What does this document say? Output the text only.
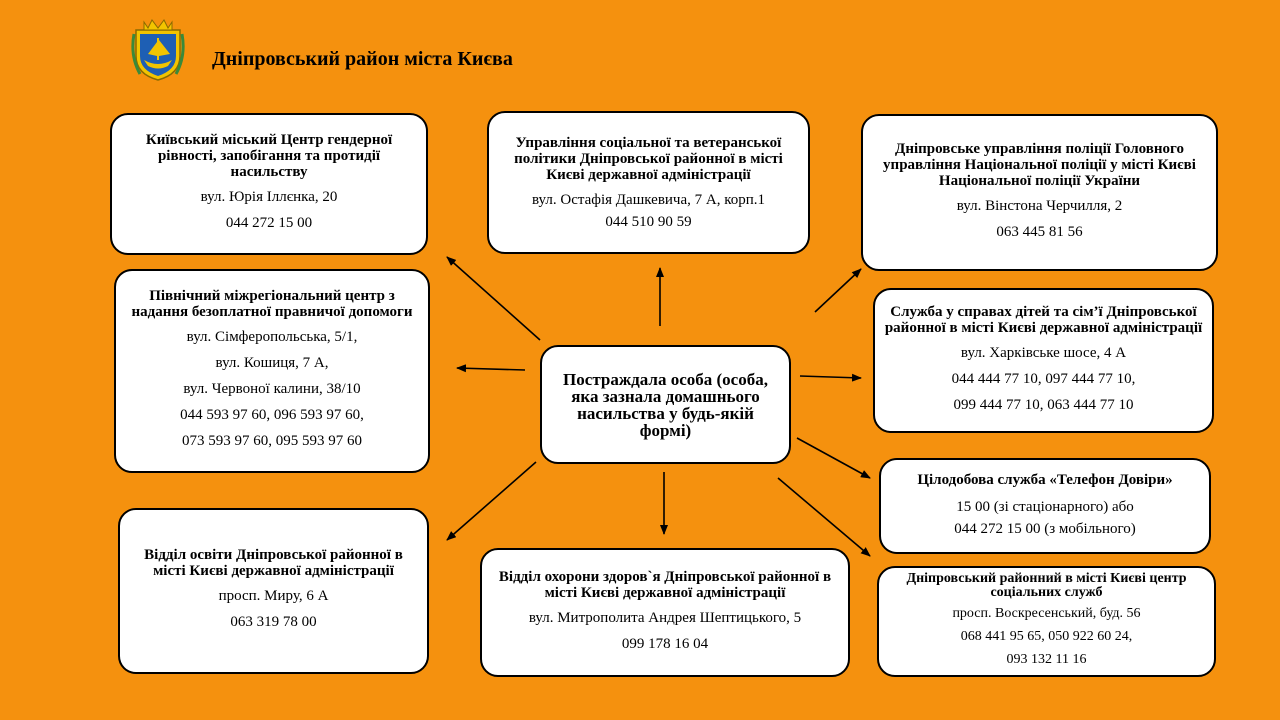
Дніпровський район міста Києва
Постраждала особа (особа, яка зазнала домашнього насильства у будь-якій формі)
Київський міський Центр гендерної рівності, запобігання та протидії насильству
вул. Юрія Іллєнка, 20
044 272 15 00
Управління соціальної та ветеранської політики Дніпровської районної в місті Києві державної адміністрації
вул. Остафія Дашкевича, 7 А, корп.1
044 510 90 59
Дніпровське управління поліції Головного управління Національної поліції у місті Києві Національної поліції України
вул. Вінстона Черчилля, 2
063 445 81 56
Північний міжрегіональний центр з надання безоплатної правничої допомоги
вул. Сімферопольська, 5/1,
вул. Кошиця, 7 А,
вул. Червоної калини, 38/10
044 593 97 60, 096 593 97 60,
073 593 97 60, 095 593 97 60
Служба у справах дітей та сім’ї Дніпровської районної в місті Києві державної адміністрації
вул. Харківське шосе, 4 А
044 444 77 10, 097 444 77 10,
099 444 77 10, 063 444 77 10
Цілодобова служба «Телефон Довіри»
15 00 (зі стаціонарного) або
044 272 15 00 (з мобільного)
Відділ освіти Дніпровської районної в місті Києві державної адміністрації
просп. Миру, 6 А
063 319 78 00
Відділ охорони здоров`я Дніпровської районної в місті Києві державної адміністрації
вул. Митрополита Андрея Шептицького, 5
099 178 16 04
Дніпровський районний в місті Києві центр соціальних служб
просп. Воскресенський, буд. 56
068 441 95 65, 050 922 60 24,
093 132 11 16
